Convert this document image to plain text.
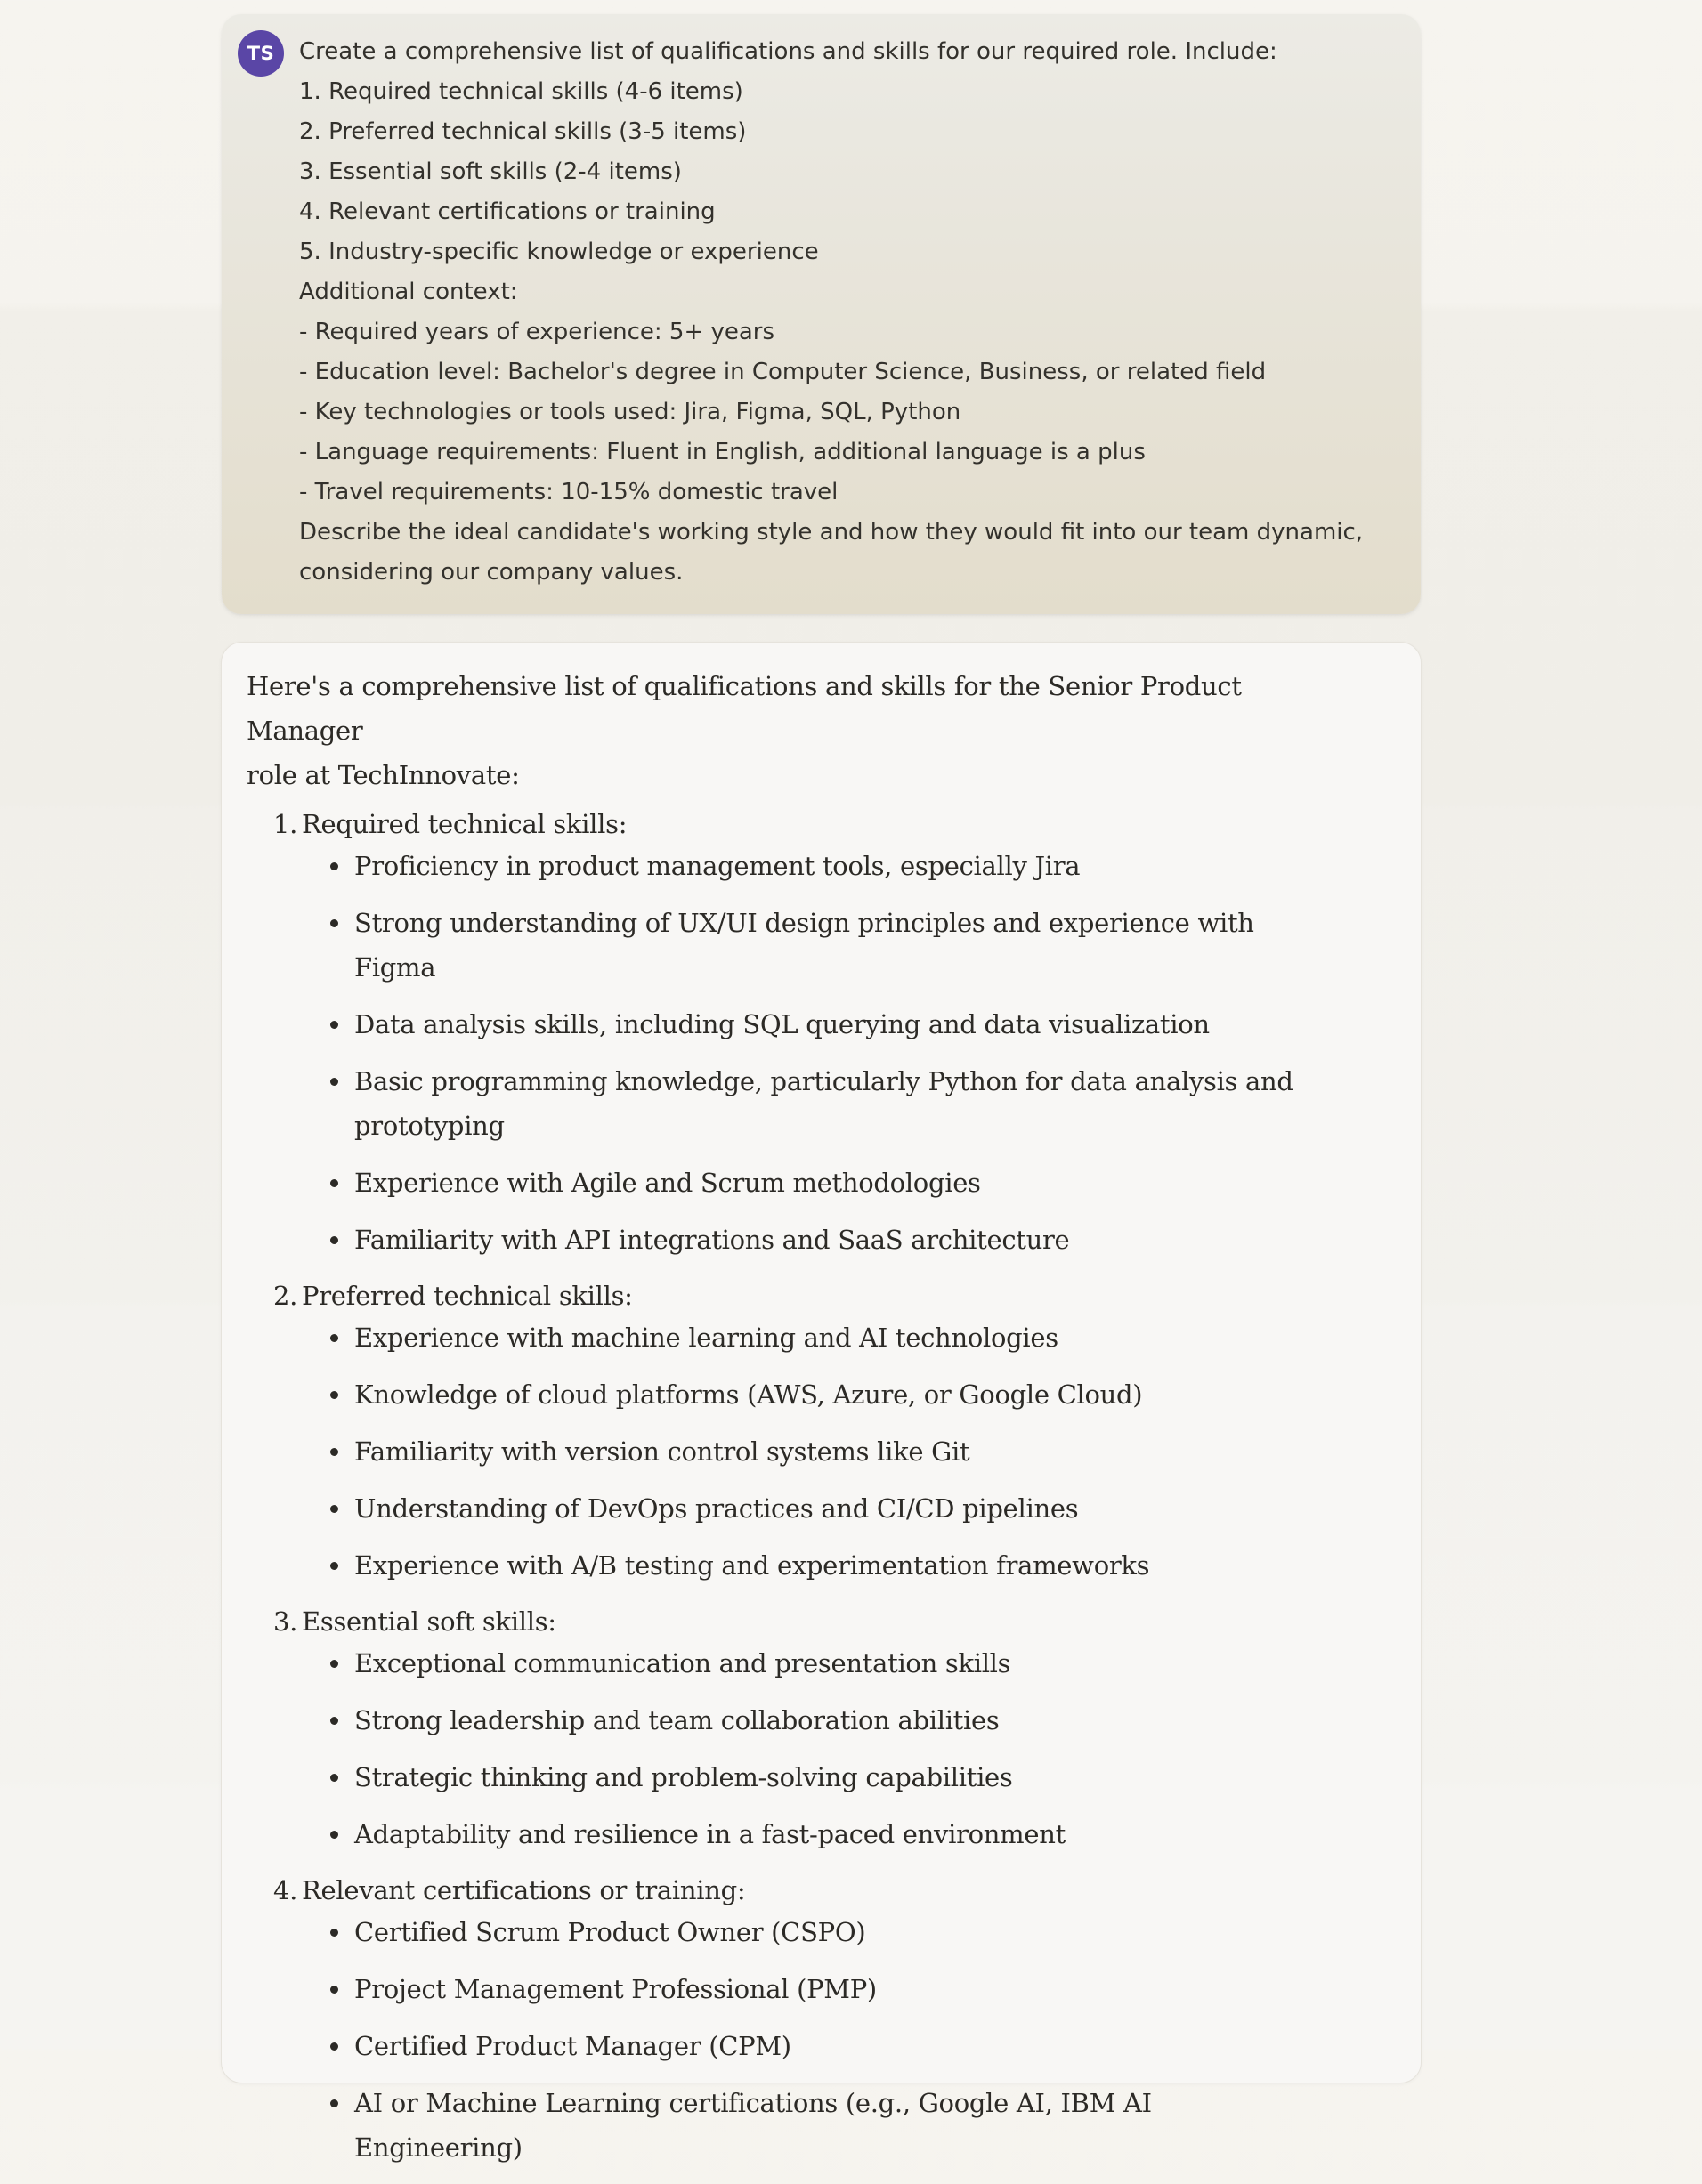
TS	Create a comprehensive list of qualifications and skills for our required role. Include:
1. Required technical skills (4-6 items)
2. Preferred technical skills (3-5 items)
3. Essential soft skills (2-4 items)
4. Relevant certifications or training
5. Industry-specific knowledge or experience
Additional context:
- Required years of experience: 5+ years
- Education level: Bachelor's degree in Computer Science, Business, or related field
- Key technologies or tools used: Jira, Figma, SQL, Python
- Language requirements: Fluent in English, additional language is a plus
- Travel requirements: 10-15% domestic travel
Describe the ideal candidate's working style and how they would fit into our team dynamic,
considering our company values.

Here's a comprehensive list of qualifications and skills for the Senior Product Manager
role at TechInnovate:

1. Required technical skills:
Proficiency in product management tools, especially Jira
Strong understanding of UX/UI design principles and experience with Figma
Data analysis skills, including SQL querying and data visualization
Basic programming knowledge, particularly Python for data analysis and prototyping
Experience with Agile and Scrum methodologies
Familiarity with API integrations and SaaS architecture
2. Preferred technical skills:
Experience with machine learning and AI technologies
Knowledge of cloud platforms (AWS, Azure, or Google Cloud)
Familiarity with version control systems like Git
Understanding of DevOps practices and CI/CD pipelines
Experience with A/B testing and experimentation frameworks
3. Essential soft skills:
Exceptional communication and presentation skills
Strong leadership and team collaboration abilities
Strategic thinking and problem-solving capabilities
Adaptability and resilience in a fast-paced environment
4. Relevant certifications or training:
Certified Scrum Product Owner (CSPO)
Project Management Professional (PMP)
Certified Product Manager (CPM)
AI or Machine Learning certifications (e.g., Google AI, IBM AI Engineering)
